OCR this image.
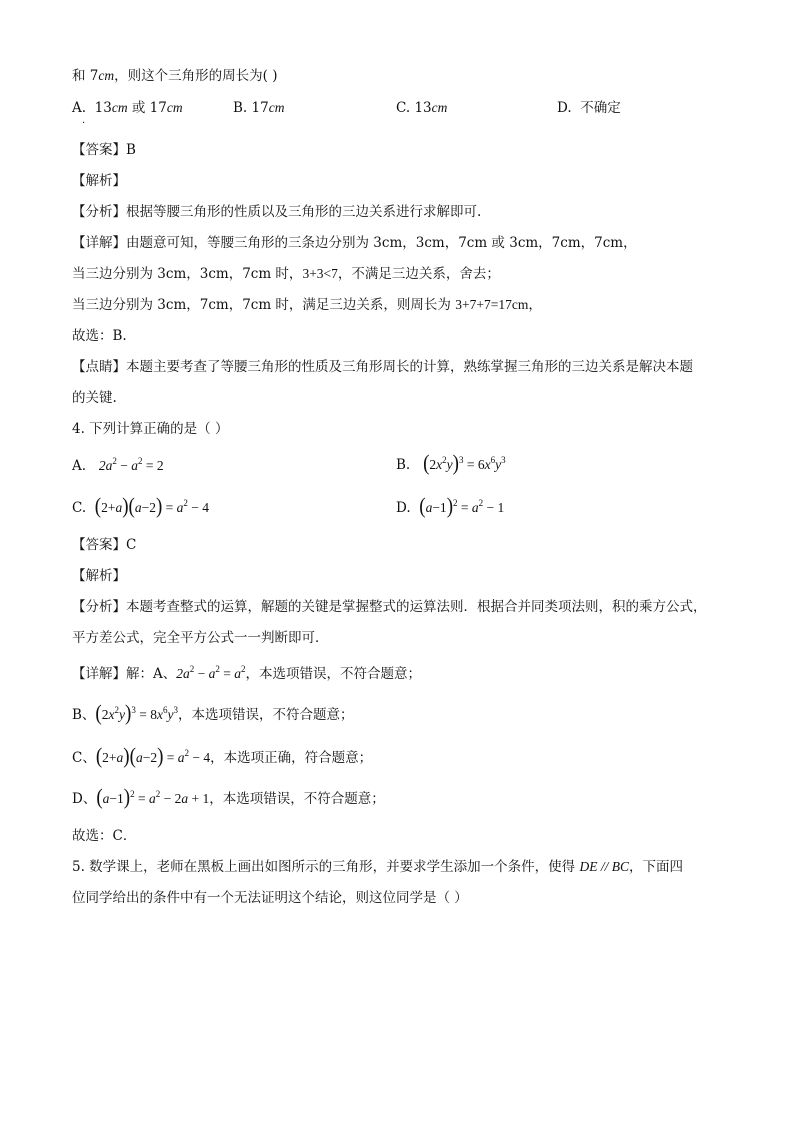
和 7cm，则这个三角形的周长为( )
A. 13cm 或 17cm
·
B. 17cm	C. 13cm	D. 不确定
【答案】B
【解析】
【分析】根据等腰三角形的性质以及三角形的三边关系进行求解即可.
【详解】由题意可知，等腰三角形的三条边分别为 3cm，3cm，7cm 或 3cm，7cm，7cm，
当三边分别为 3cm，3cm，7cm 时，3+3<7，不满足三边关系，舍去；
当三边分别为 3cm，7cm，7cm 时，满足三边关系，则周长为 3+7+7=17cm，
故选：B.
【点睛】本题主要考查了等腰三角形的性质及三角形周长的计算，熟练掌握三角形的三边关系是解决本题
的关键.
4. 下列计算正确的是（ ）
A. $2a^2 - a^2 = 2$	B. $(2x^2y)^3 = 6x^6y^3$
C. $(2+a)(a-2) = a^2 - 4$	D. $(a-1)^2 = a^2 - 1$
【答案】C
【解析】
【分析】本题考查整式的运算，解题的关键是掌握整式的运算法则．根据合并同类项法则，积的乘方公式，
平方差公式，完全平方公式一一判断即可．
【详解】解：A、$2a^2 - a^2 = a^2$，本选项错误，不符合题意；
B、$(2x^2y)^3 = 8x^6y^3$，本选项错误，不符合题意；
C、$(2+a)(a-2) = a^2 - 4$，本选项正确，符合题意；
D、$(a-1)^2 = a^2 - 2a + 1$，本选项错误，不符合题意；
故选：C．
5. 数学课上，老师在黑板上画出如图所示的三角形，并要求学生添加一个条件，使得 DE // BC，下面四
位同学给出的条件中有一个无法证明这个结论，则这位同学是（ ）
